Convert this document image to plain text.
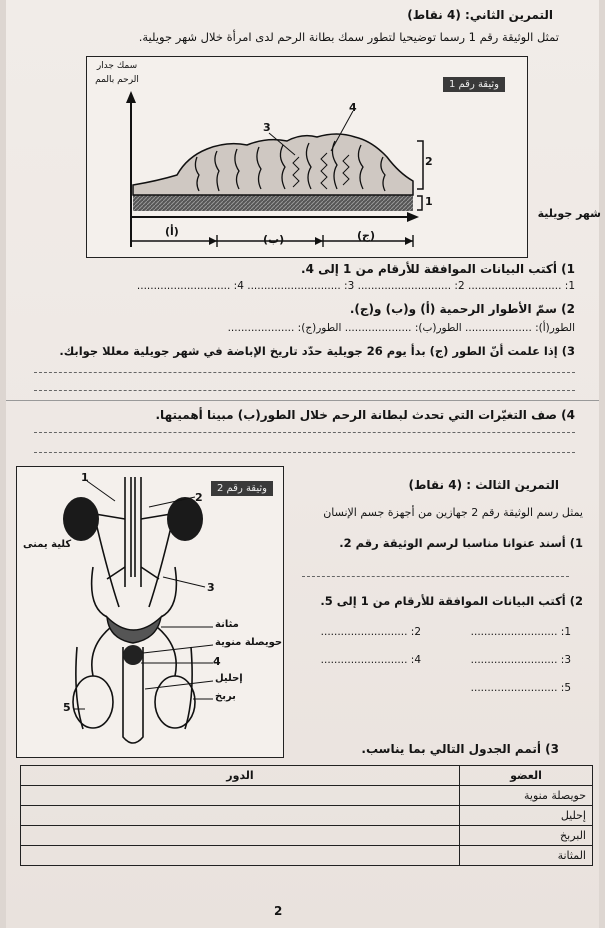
التمرين الثاني: (4 نقاط)
تمثل الوثيقة رقم 1 رسما توضيحيا لتطور سمك بطانة الرحم لدى امرأة خلال شهر جويلية.
وثيقة رقم 1
سمك جدار الرحم بالمم
شهر جويلية
2
1
3
4
(أ)
(ب)	(ج)
1) أكتب البيانات الموافقة للأرقام من 1 إلى 4.
1: ............................ 2: ............................ 3: ............................ 4: ............................
2) سمّ الأطوار الرحمية (أ) و(ب) و(ج).
الطور(أ): .................... الطور(ب): .................... الطور(ج): ....................
3) إذا علمت أنّ الطور (ج) بدأ يوم 26 جويلية حدّد تاريخ الإباضة في شهر جويلية معللا جوابك.
4) صف التغيّرات التي تحدث لبطانة الرحم خلال الطور(ب) مبينا أهميتها.
وثيقة رقم 2
1
2
3
4
5
كلية يمنى
مثانة
حويصلة منوية
إحليل
بربخ
التمرين الثالث : (4 نقاط)
يمثل رسم الوثيقة رقم 2 جهازين من أجهزة جسم الإنسان
1) أسند عنوانا مناسبا لرسم الوثيقة رقم 2.
2) أكتب البيانات الموافقة للأرقام من 1 إلى 5.
1: ..........................
2: ..........................
3: ..........................
4: ..........................
5: ..........................
3) أتمم الجدول التالي بما يناسب.
العضو	الدور
حويصلة منوية	
إحليل	
البربخ	
المثانة	
2
